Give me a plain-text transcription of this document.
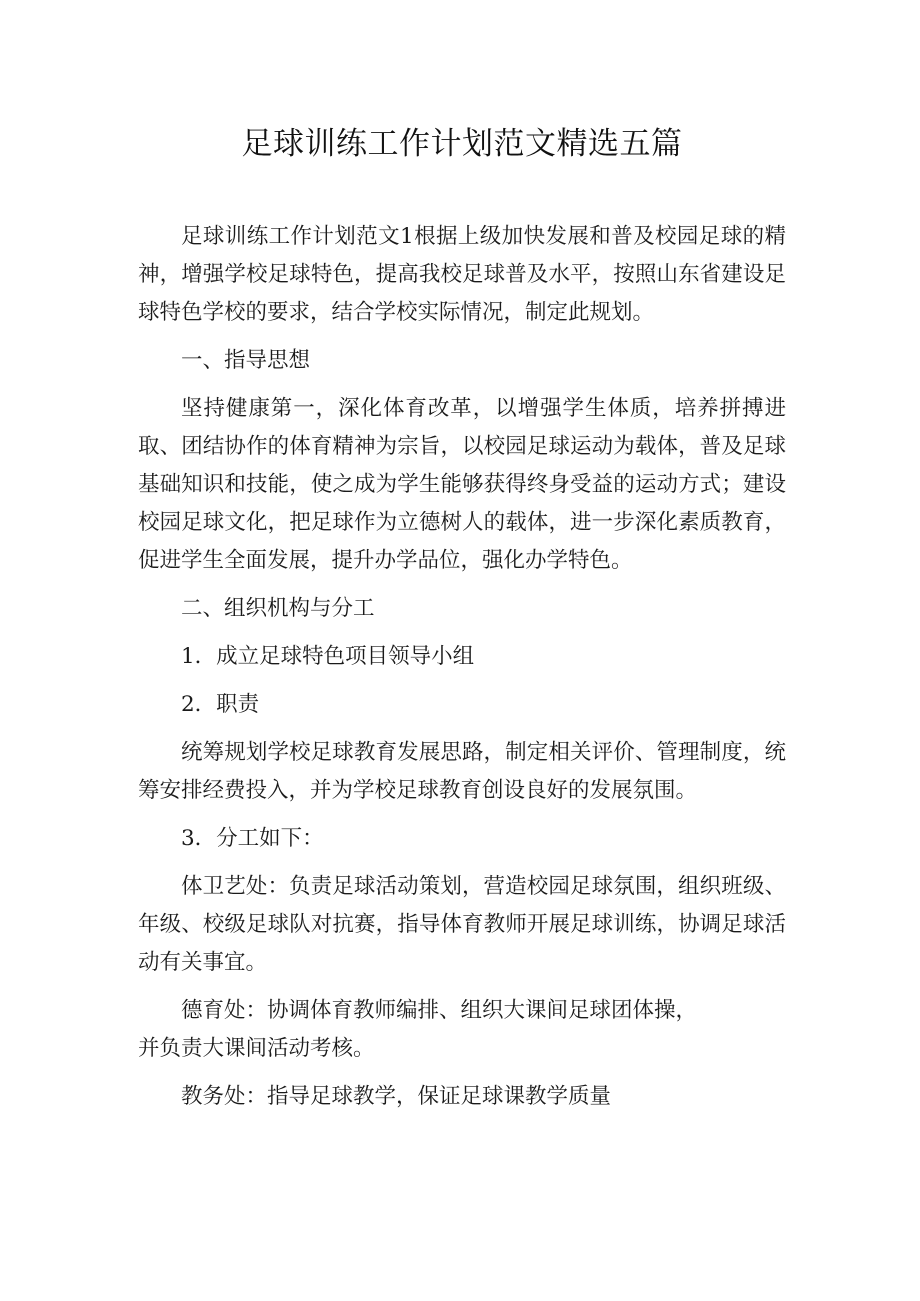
足球训练工作计划范文精选五篇

足球训练工作计划范文1根据上级加快发展和普及校园足球的精神，增强学校足球特色，提高我校足球普及水平，按照山东省建设足球特色学校的要求，结合学校实际情况，制定此规划。

一、指导思想

坚持健康第一，深化体育改革，以增强学生体质，培养拼搏进取、团结协作的体育精神为宗旨，以校园足球运动为载体，普及足球基础知识和技能，使之成为学生能够获得终身受益的运动方式；建设校园足球文化，把足球作为立德树人的载体，进一步深化素质教育，促进学生全面发展，提升办学品位，强化办学特色。

二、组织机构与分工

1．成立足球特色项目领导小组

2．职责

统筹规划学校足球教育发展思路，制定相关评价、管理制度，统筹安排经费投入，并为学校足球教育创设良好的发展氛围。

3．分工如下：

体卫艺处：负责足球活动策划，营造校园足球氛围，组织班级、年级、校级足球队对抗赛，指导体育教师开展足球训练，协调足球活动有关事宜。

德育处：协调体育教师编排、组织大课间足球团体操，

并负责大课间活动考核。

教务处：指导足球教学，保证足球课教学质量
